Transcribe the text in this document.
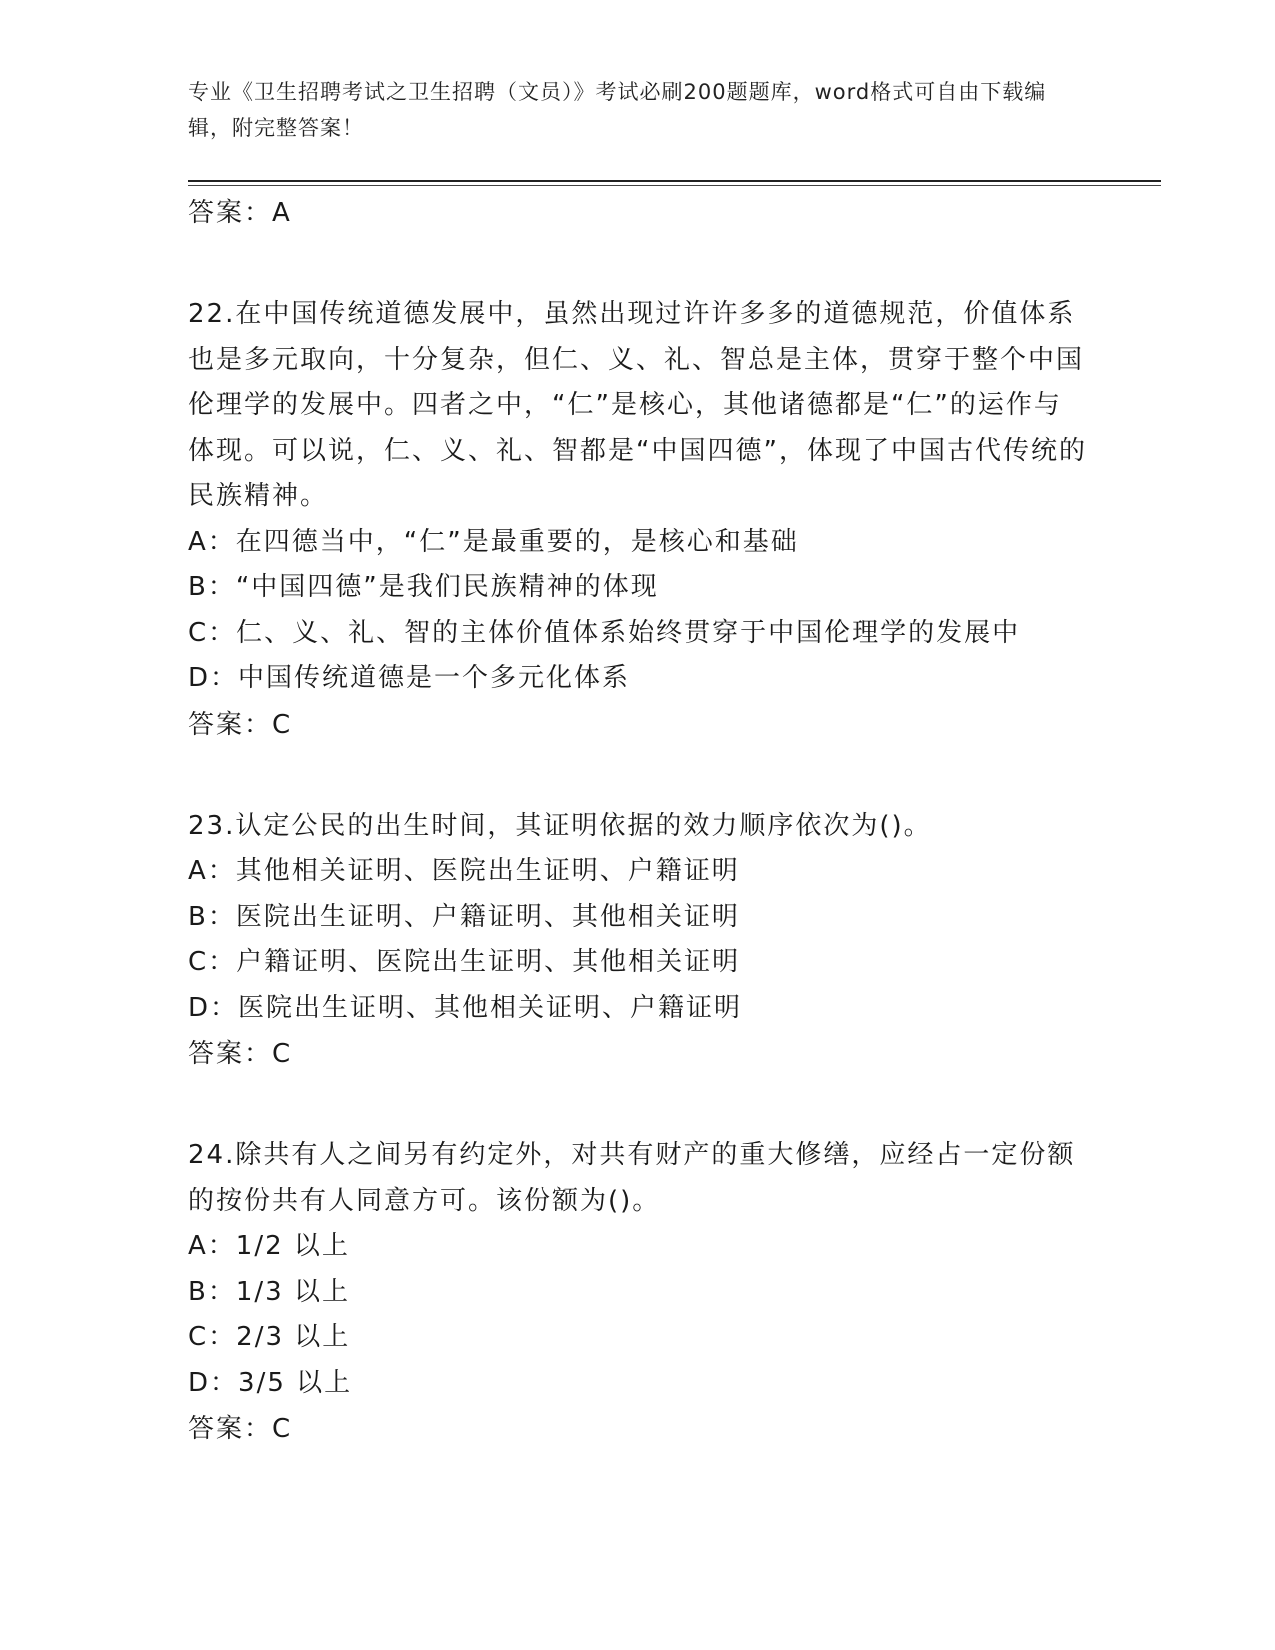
专业《卫生招聘考试之卫生招聘（文员）》考试必刷200题题库，word格式可自由下载编辑，附完整答案！
答案：A
22.在中国传统道德发展中，虽然出现过许许多多的道德规范，价值体系也是多元取向，十分复杂，但仁、义、礼、智总是主体，贯穿于整个中国伦理学的发展中。四者之中，“仁”是核心，其他诸德都是“仁”的运作与体现。可以说，仁、义、礼、智都是“中国四德”，体现了中国古代传统的民族精神。
A：在四德当中，“仁”是最重要的，是核心和基础
B：“中国四德”是我们民族精神的体现
C：仁、义、礼、智的主体价值体系始终贯穿于中国伦理学的发展中
D：中国传统道德是一个多元化体系
答案：C
23.认定公民的出生时间，其证明依据的效力顺序依次为()。
A：其他相关证明、医院出生证明、户籍证明
B：医院出生证明、户籍证明、其他相关证明
C：户籍证明、医院出生证明、其他相关证明
D：医院出生证明、其他相关证明、户籍证明
答案：C
24.除共有人之间另有约定外，对共有财产的重大修缮，应经占一定份额的按份共有人同意方可。该份额为()。
A：1/2 以上
B：1/3 以上
C：2/3 以上
D：3/5 以上
答案：C
